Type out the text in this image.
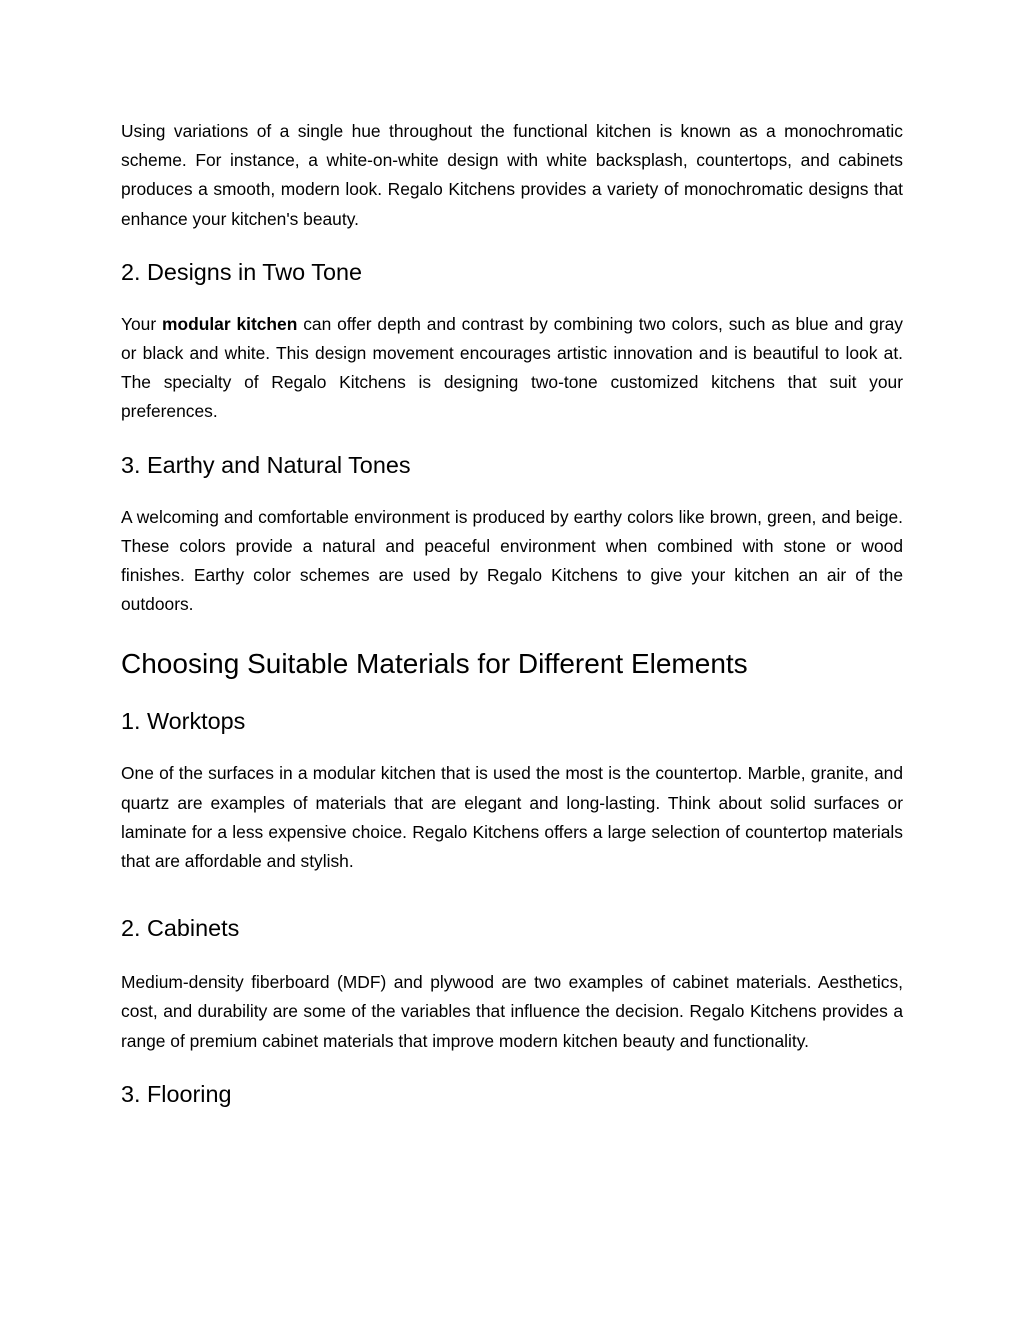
Using variations of a single hue throughout the functional kitchen is known as a monochromatic scheme. For instance, a white-on-white design with white backsplash, countertops, and cabinets produces a smooth, modern look. Regalo Kitchens provides a variety of monochromatic designs that enhance your kitchen's beauty.

2. Designs in Two Tone

Your modular kitchen can offer depth and contrast by combining two colors, such as blue and gray or black and white. This design movement encourages artistic innovation and is beautiful to look at. The specialty of Regalo Kitchens is designing two-tone customized kitchens that suit your preferences.

3. Earthy and Natural Tones

A welcoming and comfortable environment is produced by earthy colors like brown, green, and beige. These colors provide a natural and peaceful environment when combined with stone or wood finishes. Earthy color schemes are used by Regalo Kitchens to give your kitchen an air of the outdoors.

Choosing Suitable Materials for Different Elements
1. Worktops

One of the surfaces in a modular kitchen that is used the most is the countertop. Marble, granite, and quartz are examples of materials that are elegant and long-lasting. Think about solid surfaces or laminate for a less expensive choice. Regalo Kitchens offers a large selection of countertop materials that are affordable and stylish.

2. Cabinets

Medium-density fiberboard (MDF) and plywood are two examples of cabinet materials. Aesthetics, cost, and durability are some of the variables that influence the decision. Regalo Kitchens provides a range of premium cabinet materials that improve modern kitchen beauty and functionality.

3. Flooring
